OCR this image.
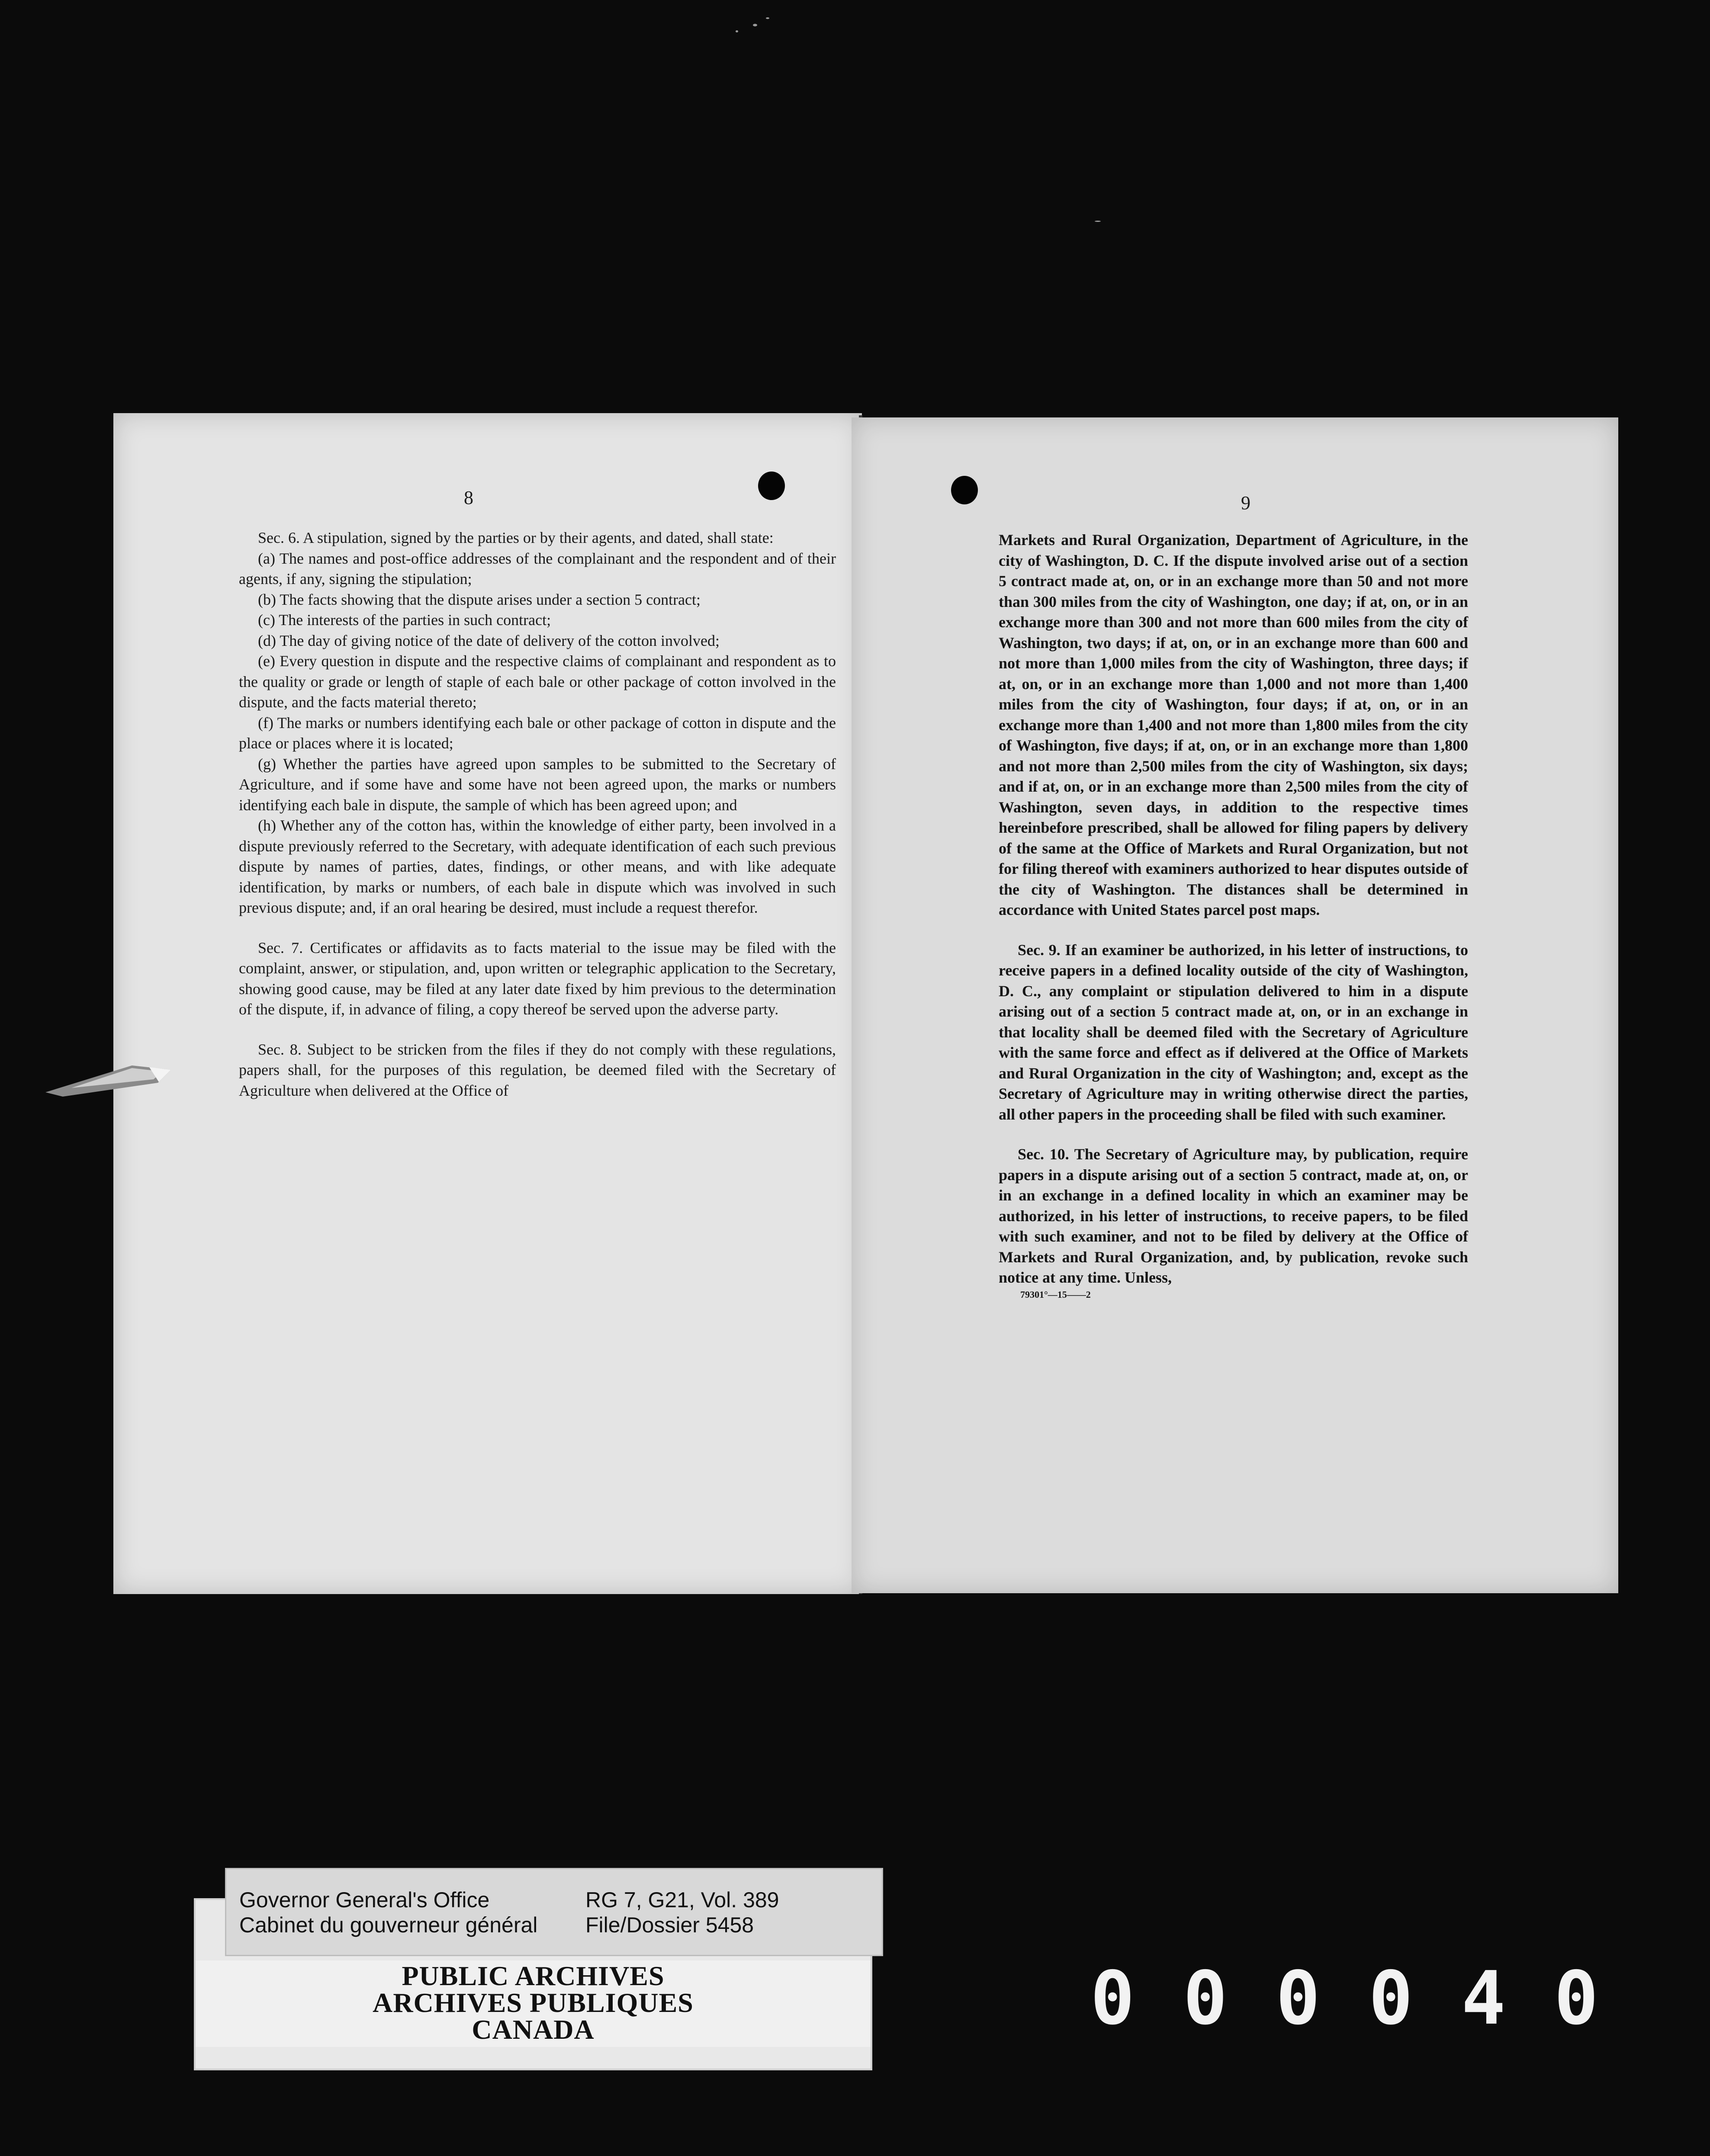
8

Sec. 6. A stipulation, signed by the parties or by their agents, and dated, shall state:

(a) The names and post-office addresses of the complainant and the respondent and of their agents, if any, signing the stipulation;

(b) The facts showing that the dispute arises under a section 5 contract;

(c) The interests of the parties in such contract;

(d) The day of giving notice of the date of delivery of the cotton involved;

(e) Every question in dispute and the respective claims of complainant and respondent as to the quality or grade or length of staple of each bale or other package of cotton involved in the dispute, and the facts material thereto;

(f) The marks or numbers identifying each bale or other package of cotton in dispute and the place or places where it is located;

(g) Whether the parties have agreed upon samples to be submitted to the Secretary of Agriculture, and if some have and some have not been agreed upon, the marks or numbers identifying each bale in dispute, the sample of which has been agreed upon; and

(h) Whether any of the cotton has, within the knowledge of either party, been involved in a dispute previously referred to the Secretary, with adequate identification of each such previous dispute by names of parties, dates, findings, or other means, and with like adequate identification, by marks or numbers, of each bale in dispute which was involved in such previous dispute; and, if an oral hearing be desired, must include a request therefor.

Sec. 7. Certificates or affidavits as to facts material to the issue may be filed with the complaint, answer, or stipulation, and, upon written or telegraphic application to the Secretary, showing good cause, may be filed at any later date fixed by him previous to the determination of the dispute, if, in advance of filing, a copy thereof be served upon the adverse party.

Sec. 8. Subject to be stricken from the files if they do not comply with these regulations, papers shall, for the purposes of this regulation, be deemed filed with the Secretary of Agriculture when delivered at the Office of

9

Markets and Rural Organization, Department of Agriculture, in the city of Washington, D. C. If the dispute involved arise out of a section 5 contract made at, on, or in an exchange more than 50 and not more than 300 miles from the city of Washington, one day; if at, on, or in an exchange more than 300 and not more than 600 miles from the city of Washington, two days; if at, on, or in an exchange more than 600 and not more than 1,000 miles from the city of Washington, three days; if at, on, or in an exchange more than 1,000 and not more than 1,400 miles from the city of Washington, four days; if at, on, or in an exchange more than 1,400 and not more than 1,800 miles from the city of Washington, five days; if at, on, or in an exchange more than 1,800 and not more than 2,500 miles from the city of Washington, six days; and if at, on, or in an exchange more than 2,500 miles from the city of Washington, seven days, in addition to the respective times hereinbefore prescribed, shall be allowed for filing papers by delivery of the same at the Office of Markets and Rural Organization, but not for filing thereof with examiners authorized to hear disputes outside of the city of Washington. The distances shall be determined in accordance with United States parcel post maps.

Sec. 9. If an examiner be authorized, in his letter of instructions, to receive papers in a defined locality outside of the city of Washington, D. C., any complaint or stipulation delivered to him in a dispute arising out of a section 5 contract made at, on, or in an exchange in that locality shall be deemed filed with the Secretary of Agriculture with the same force and effect as if delivered at the Office of Markets and Rural Organization in the city of Washington; and, except as the Secretary of Agriculture may in writing otherwise direct the parties, all other papers in the proceeding shall be filed with such examiner.

Sec. 10. The Secretary of Agriculture may, by publication, require papers in a dispute arising out of a section 5 contract, made at, on, or in an exchange in a defined locality in which an examiner may be authorized, in his letter of instructions, to receive papers, to be filed with such examiner, and not to be filed by delivery at the Office of Markets and Rural Organization, and, by publication, revoke such notice at any time. Unless,

79301°—15——2
PUBLIC ARCHIVES
ARCHIVES PUBLIQUES
CANADA
Governor General's Office
Cabinet du gouverneur général
RG 7, G21, Vol. 389
File/Dossier 5458
000040
